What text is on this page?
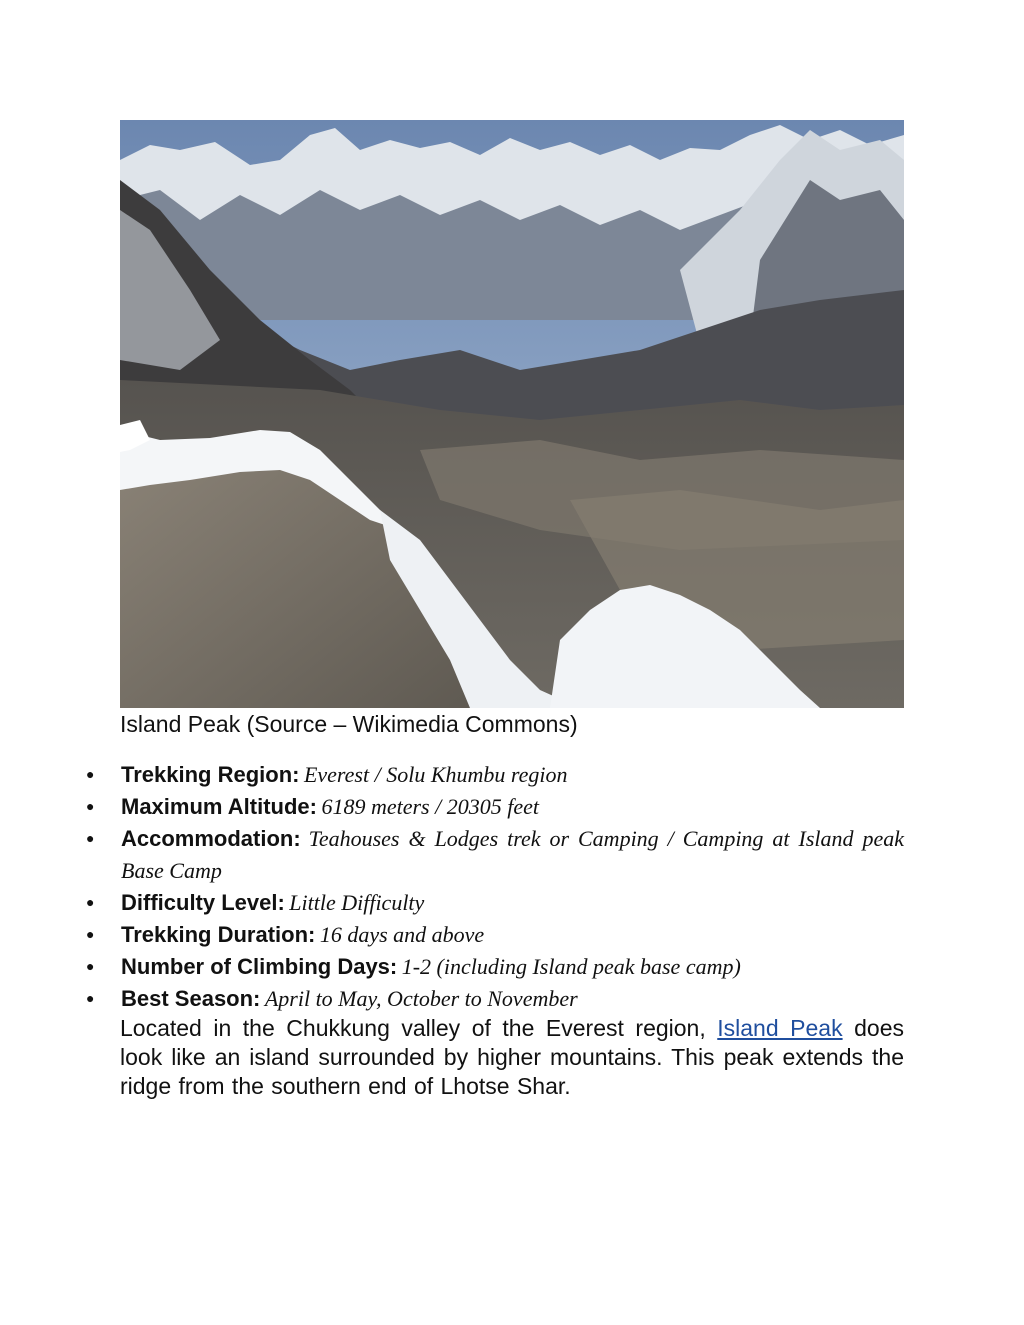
Island Peak (Source – Wikimedia Commons)
● Trekking Region: Everest / Solu Khumbu region
● Maximum Altitude: 6189 meters / 20305 feet
● Accommodation: Teahouses & Lodges trek or Camping / Camping at Island peak Base Camp
● Difficulty Level: Little Difficulty
● Trekking Duration: 16 days and above
● Number of Climbing Days: 1-2 (including Island peak base camp)
● Best Season: April to May, October to November

Located in the Chukkung valley of the Everest region, Island Peak does look like an island surrounded by higher mountains. This peak extends the ridge from the southern end of Lhotse Shar.
